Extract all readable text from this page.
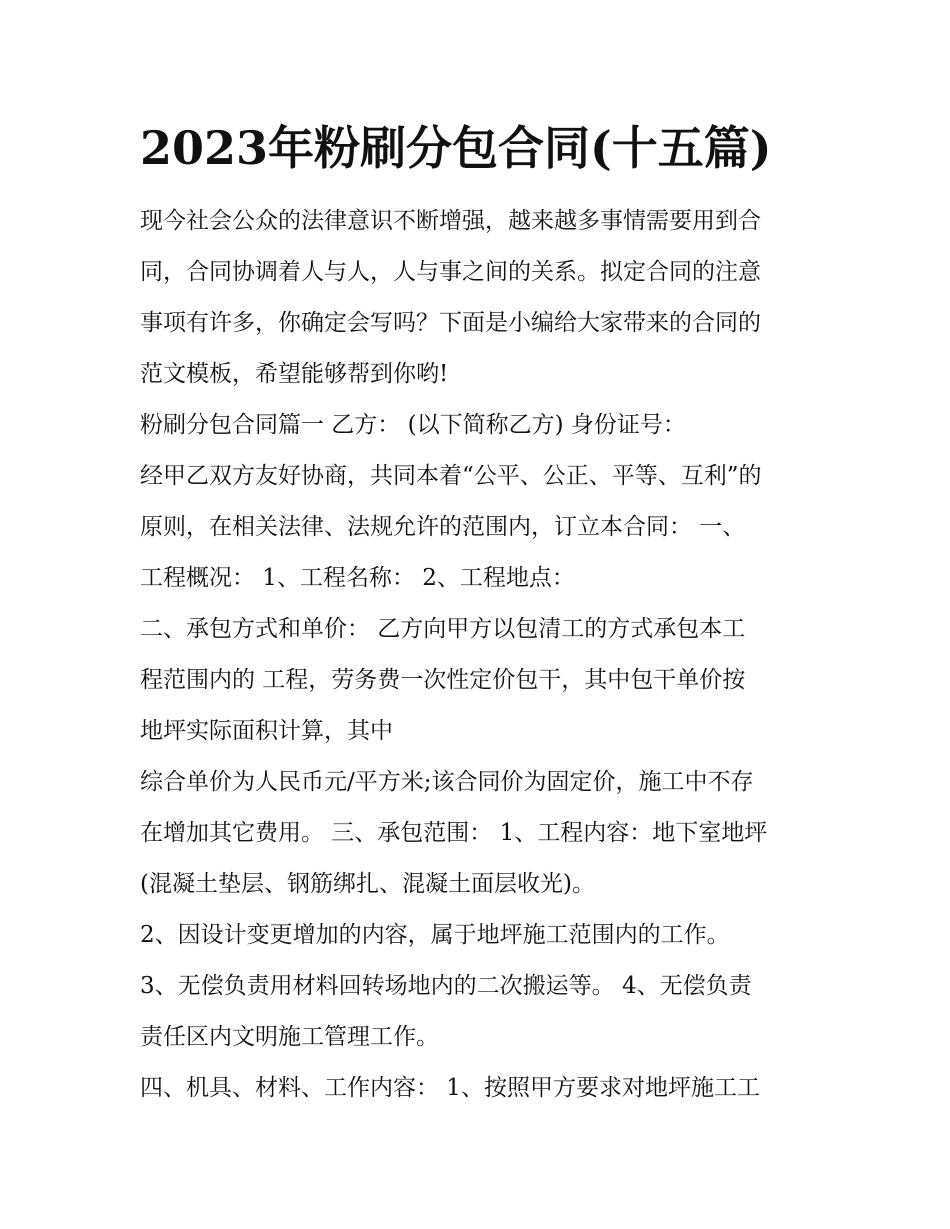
2023年粉刷分包合同(十五篇)

现今社会公众的法律意识不断增强，越来越多事情需要用到合

同，合同协调着人与人，人与事之间的关系。拟定合同的注意

事项有许多，你确定会写吗？下面是小编给大家带来的合同的

范文模板，希望能够帮到你哟!

粉刷分包合同篇一 乙方： (以下简称乙方) 身份证号：

经甲乙双方友好协商，共同本着“公平、公正、平等、互利”的

原则，在相关法律、法规允许的范围内，订立本合同： 一、

工程概况： 1、工程名称： 2、工程地点：

二、承包方式和单价： 乙方向甲方以包清工的方式承包本工

程范围内的 工程，劳务费一次性定价包干，其中包干单价按

地坪实际面积计算，其中

综合单价为人民币元/平方米;该合同价为固定价，施工中不存

在增加其它费用。 三、承包范围： 1、工程内容：地下室地坪

(混凝土垫层、钢筋绑扎、混凝土面层收光)。

2、因设计变更增加的内容，属于地坪施工范围内的工作。

3、无偿负责用材料回转场地内的二次搬运等。 4、无偿负责

责任区内文明施工管理工作。

四、机具、材料、工作内容： 1、按照甲方要求对地坪施工工
